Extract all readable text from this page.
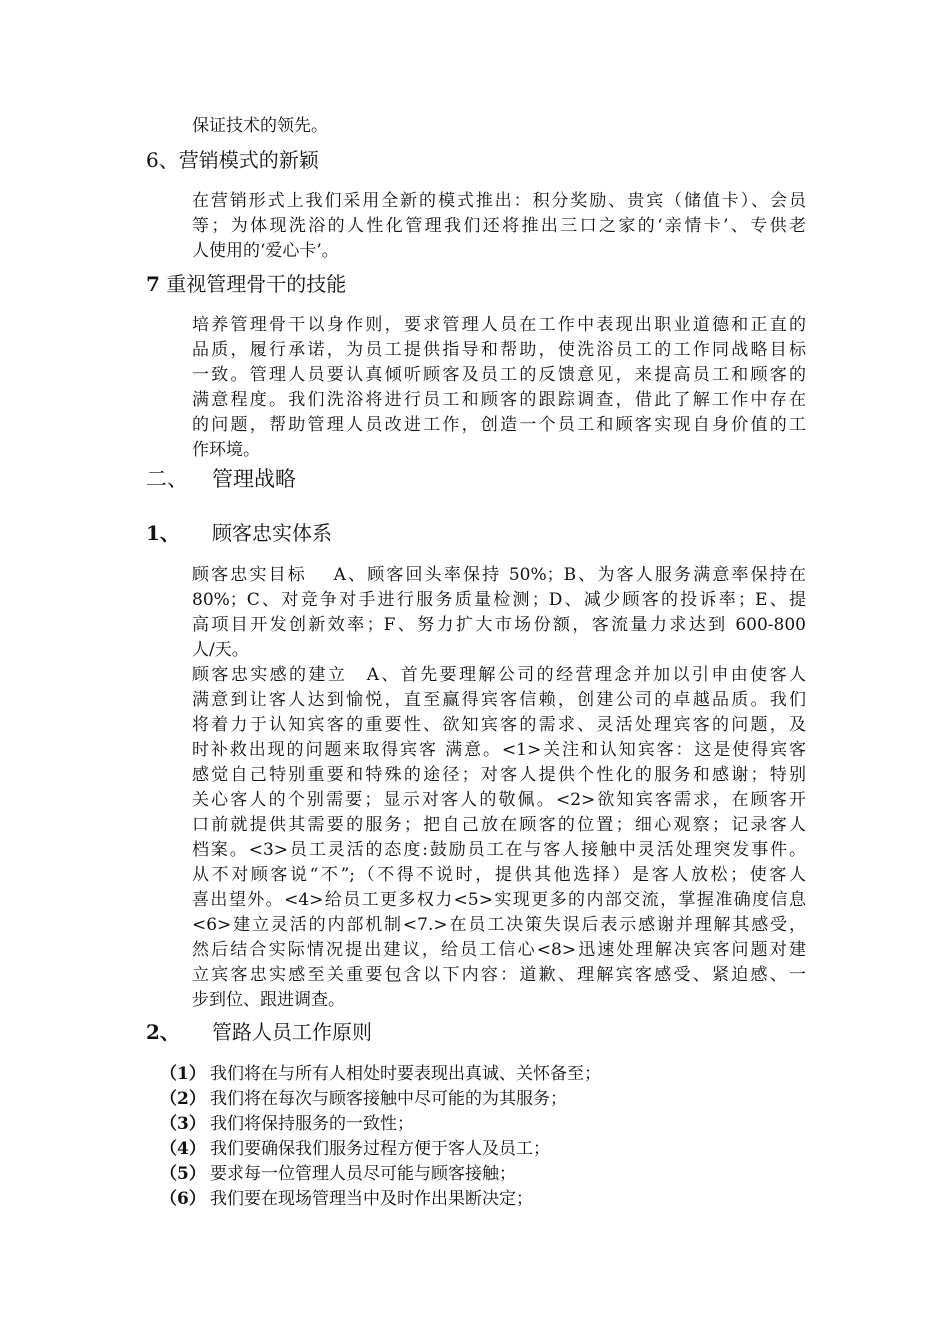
保证技术的领先。
6、营销模式的新颖
在营销形式上我们采用全新的模式推出：积分奖励、贵宾（储值卡）、会员
等；为体现洗浴的人性化管理我们还将推出三口之家的‘亲情卡’、专供老
人使用的‘爱心卡’。
7 重视管理骨干的技能
培养管理骨干以身作则，要求管理人员在工作中表现出职业道德和正直的
品质，履行承诺，为员工提供指导和帮助，使洗浴员工的工作同战略目标
一致。管理人员要认真倾听顾客及员工的反馈意见，来提高员工和顾客的
满意程度。我们洗浴将进行员工和顾客的跟踪调查，借此了解工作中存在
的问题，帮助管理人员改进工作，创造一个员工和顾客实现自身价值的工
作环境。
二、 管理战略
1、 顾客忠实体系
顾客忠实目标　 A、顾客回头率保持 50%；B、为客人服务满意率保持在
80%；C、对竞争对手进行服务质量检测；D、减少顾客的投诉率；E、提
高项目开发创新效率；F、努力扩大市场份额，客流量力求达到 600-800
人/天。
顾客忠实感的建立　A、首先要理解公司的经营理念并加以引申由使客人
满意到让客人达到愉悦，直至赢得宾客信赖，创建公司的卓越品质。我们
将着力于认知宾客的重要性、欲知宾客的需求、灵活处理宾客的问题，及
时补救出现的问题来取得宾客 满意。<1>关注和认知宾客：这是使得宾客
感觉自己特别重要和特殊的途径；对客人提供个性化的服务和感谢；特别
关心客人的个别需要；显示对客人的敬佩。<2>欲知宾客需求，在顾客开
口前就提供其需要的服务；把自己放在顾客的位置；细心观察；记录客人
档案。<3>员工灵活的态度:鼓励员工在与客人接触中灵活处理突发事件。
从不对顾客说“不”;（不得不说时，提供其他选择）是客人放松；使客人
喜出望外。<4>给员工更多权力<5>实现更多的内部交流，掌握准确度信息
<6>建立灵活的内部机制<7.>在员工决策失误后表示感谢并理解其感受，
然后结合实际情况提出建议，给员工信心<8>迅速处理解决宾客问题对建
立宾客忠实感至关重要包含以下内容：道歉、理解宾客感受、紧迫感、一
步到位、跟进调查。
2、 管路人员工作原则
（1） 我们将在与所有人相处时要表现出真诚、关怀备至；
（2） 我们将在每次与顾客接触中尽可能的为其服务；
（3） 我们将保持服务的一致性；
（4） 我们要确保我们服务过程方便于客人及员工；
（5） 要求每一位管理人员尽可能与顾客接触；
（6） 我们要在现场管理当中及时作出果断决定；
